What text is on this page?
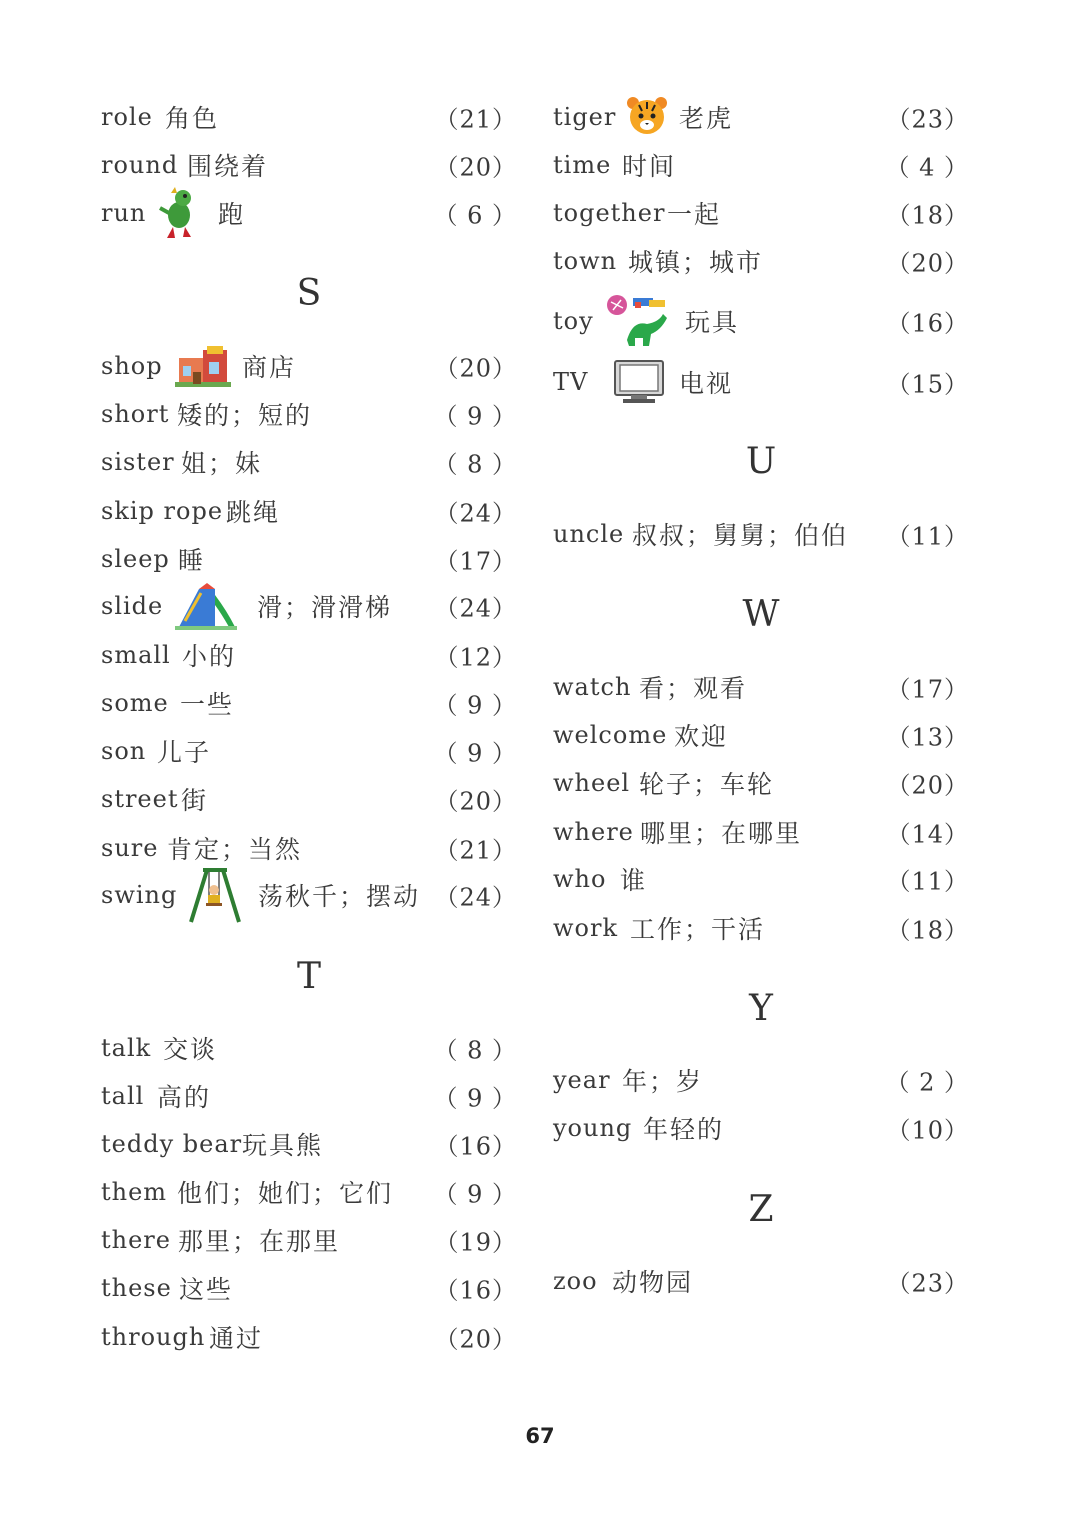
role 角色	（21）
round 围绕着	（20）
run	跑	（ 6 ）
S
shop	商店	（20）
short 矮的；短的	（ 9 ）
sister 姐；妹	（ 8 ）
skip rope 跳绳	（24）
sleep 睡	（17）
slide	滑；滑滑梯 （24）
small 小的	（12）
some 一些	（ 9 ）
son 儿子	（ 9 ）
street 街	（20）
sure 肯定；当然	（21）
swing	荡秋千；摆动 （24）
T
talk 交谈	（ 8 ）
tall 高的	（ 9 ）
teddy bear 玩具熊	（16）
them 他们；她们；它们 （ 9 ）
there 那里；在那里	（19）
these 这些	（16）
through 通过	（20）
tiger	老虎	（23）
time 时间	（ 4 ）
together 一起	（18）
town 城镇；城市	（20）
toy	玩具	（16）
TV	电视	（15）
U
uncle 叔叔；舅舅；伯伯 （11）
W
watch 看；观看	（17）
welcome 欢迎	（13）
wheel 轮子；车轮	（20）
where 哪里；在哪里	（14）
who 谁	（11）
work 工作；干活	（18）
Y
year 年；岁	（ 2 ）
young 年轻的	（10）
Z
zoo 动物园	（23）
67
